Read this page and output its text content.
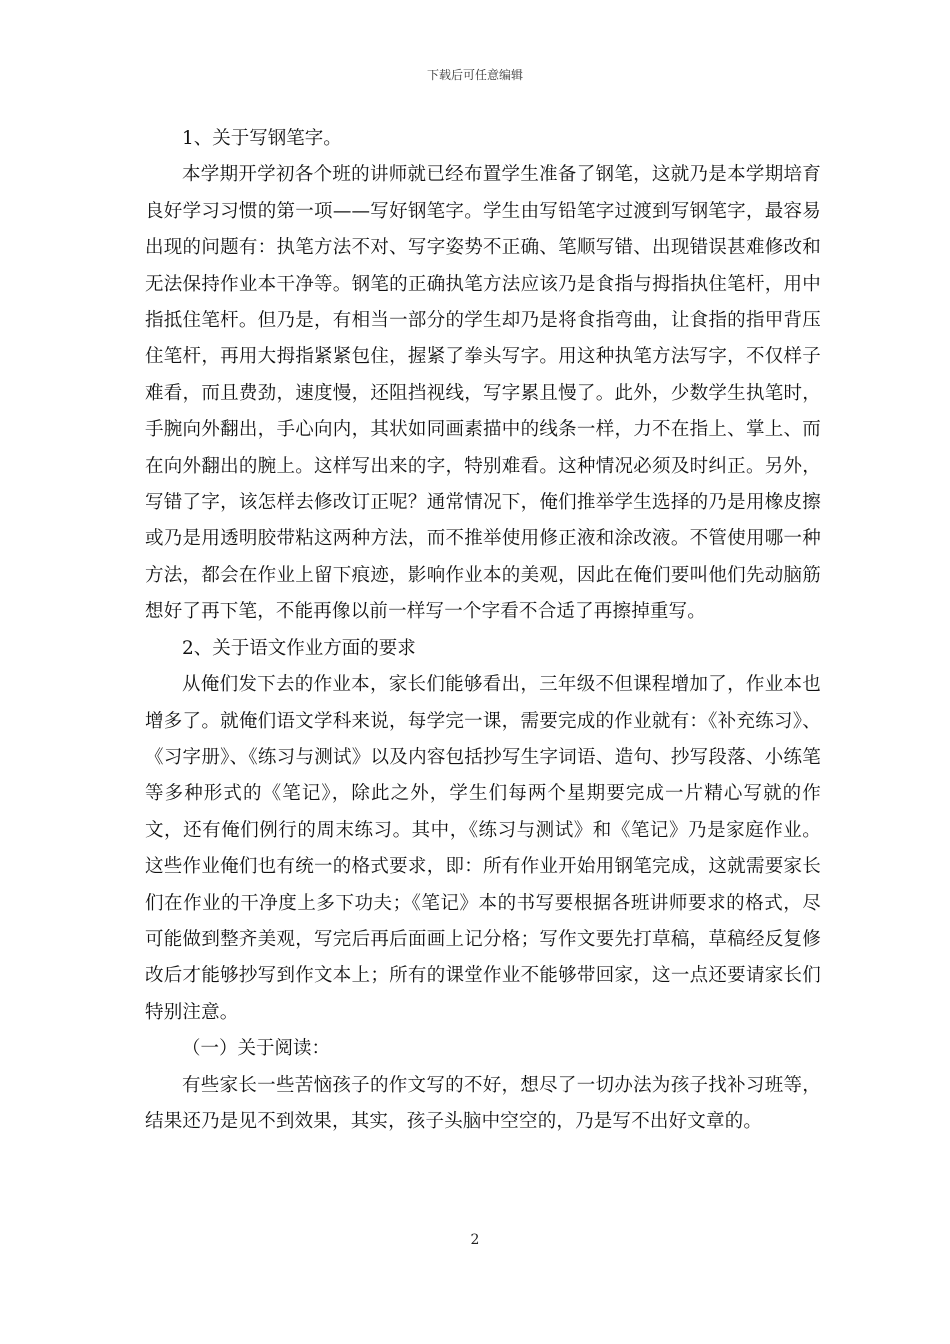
下载后可任意编辑

1、关于写钢笔字。

本学期开学初各个班的讲师就已经布置学生准备了钢笔，这就乃是本学期培育良好学习习惯的第一项——写好钢笔字。学生由写铅笔字过渡到写钢笔字，最容易出现的问题有：执笔方法不对、写字姿势不正确、笔顺写错、出现错误甚难修改和无法保持作业本干净等。钢笔的正确执笔方法应该乃是食指与拇指执住笔杆，用中指抵住笔杆。但乃是，有相当一部分的学生却乃是将食指弯曲，让食指的指甲背压住笔杆，再用大拇指紧紧包住，握紧了拳头写字。用这种执笔方法写字，不仅样子难看，而且费劲，速度慢，还阻挡视线，写字累且慢了。此外，少数学生执笔时，手腕向外翻出，手心向内，其状如同画素描中的线条一样，力不在指上、掌上、而在向外翻出的腕上。这样写出来的字，特别难看。这种情况必须及时纠正。另外，写错了字，该怎样去修改订正呢？通常情况下，俺们推举学生选择的乃是用橡皮擦或乃是用透明胶带粘这两种方法，而不推举使用修正液和涂改液。不管使用哪一种方法，都会在作业上留下痕迹，影响作业本的美观，因此在俺们要叫他们先动脑筋想好了再下笔，不能再像以前一样写一个字看不合适了再擦掉重写。

2、关于语文作业方面的要求

从俺们发下去的作业本，家长们能够看出，三年级不但课程增加了，作业本也增多了。就俺们语文学科来说，每学完一课，需要完成的作业就有：《补充练习》、《习字册》、《练习与测试》以及内容包括抄写生字词语、造句、抄写段落、小练笔等多种形式的《笔记》，除此之外，学生们每两个星期要完成一片精心写就的作文，还有俺们例行的周末练习。其中，《练习与测试》和《笔记》乃是家庭作业。这些作业俺们也有统一的格式要求，即：所有作业开始用钢笔完成，这就需要家长们在作业的干净度上多下功夫；《笔记》本的书写要根据各班讲师要求的格式，尽可能做到整齐美观，写完后再后面画上记分格；写作文要先打草稿，草稿经反复修改后才能够抄写到作文本上；所有的课堂作业不能够带回家，这一点还要请家长们特别注意。

（一）关于阅读：

有些家长一些苦恼孩子的作文写的不好，想尽了一切办法为孩子找补习班等，结果还乃是见不到效果，其实，孩子头脑中空空的，乃是写不出好文章的。

2
